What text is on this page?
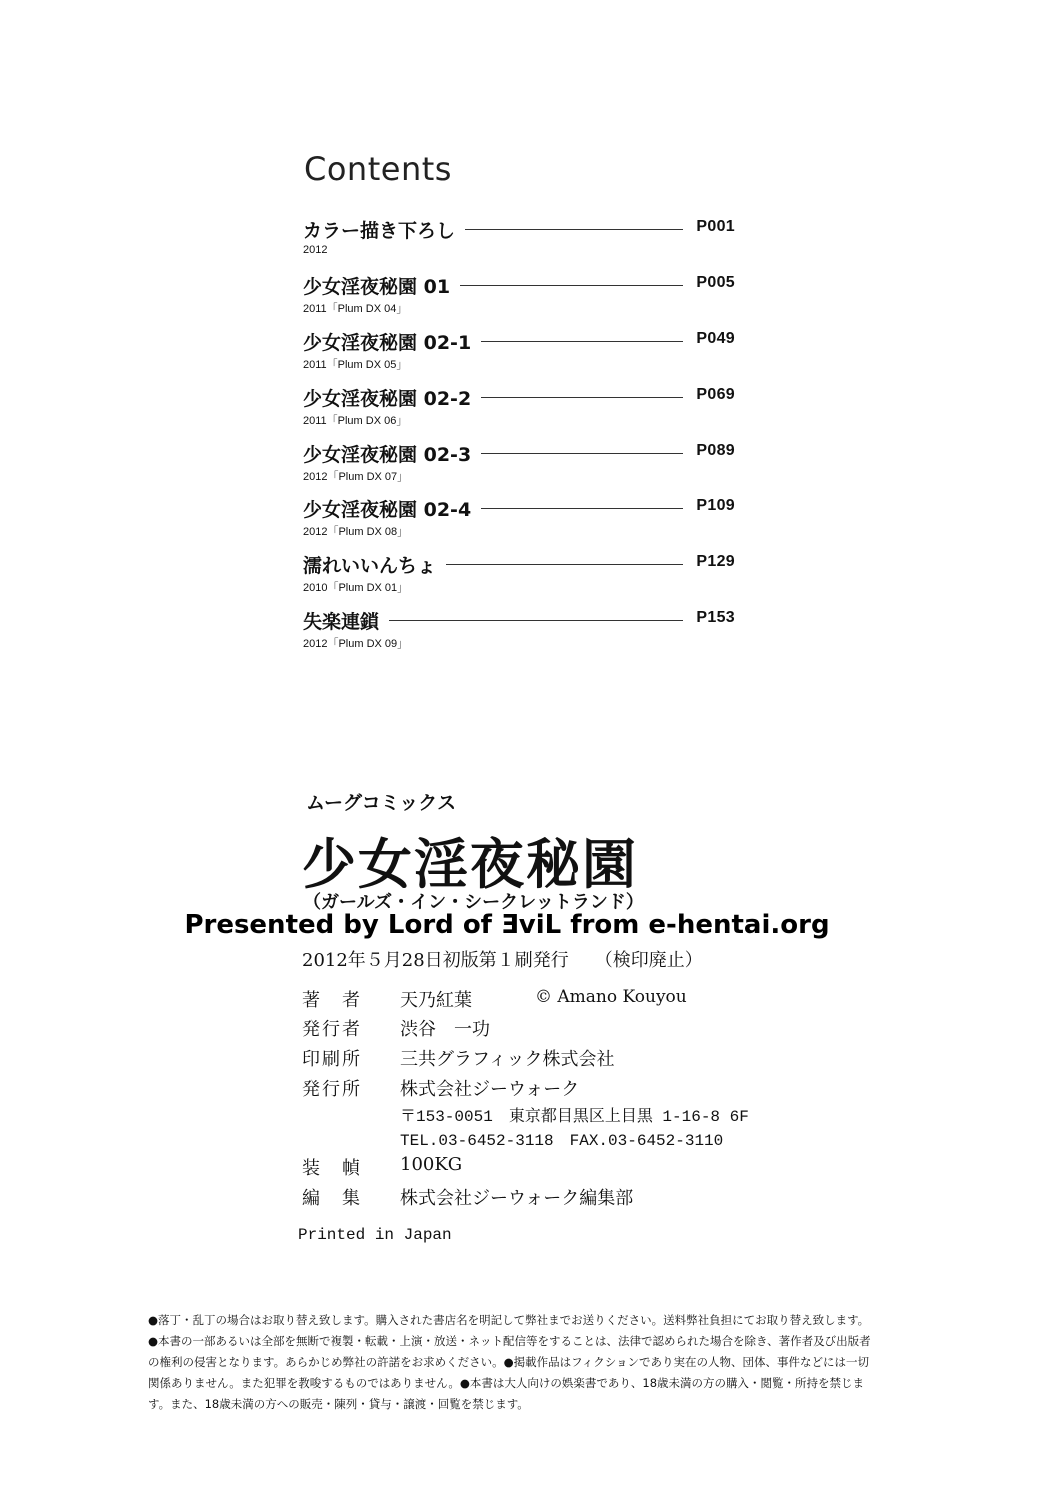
Contents
カラー描き下ろし	P001
2012
少女淫夜秘園 01	P005
2011「Plum DX 04」
少女淫夜秘園 02-1	P049
2011「Plum DX 05」
少女淫夜秘園 02-2	P069
2011「Plum DX 06」
少女淫夜秘園 02-3	P089
2012「Plum DX 07」
少女淫夜秘園 02-4	P109
2012「Plum DX 08」
濡れいいんちょ	P129
2010「Plum DX 01」
失楽連鎖	P153
2012「Plum DX 09」
ムーグコミックス
少女淫夜秘園
（ガールズ・イン・シークレットランド）
Presented by Lord of ƎviL from e-hentai.org
2012年５月28日初版第１刷発行 （検印廃止）
著　者 天乃紅葉	© Amano Kouyou
発行者 渋谷　一功
印刷所 三共グラフィック株式会社
発行所 株式会社ジーウォーク
〒153-0051　東京都目黒区上目黒 1-16-8 6F
TEL.03-6452-3118　FAX.03-6452-3110
装　幀 100KG
編　集 株式会社ジーウォーク編集部
Printed in Japan
●落丁・乱丁の場合はお取り替え致します。購入された書店名を明記して弊社までお送りください。送料弊社負担にてお取り替え致します。●本書の一部あるいは全部を無断で複製・転載・上演・放送・ネット配信等をすることは、法律で認められた場合を除き、著作者及び出版者の権利の侵害となります。あらかじめ弊社の許諾をお求めください。●掲載作品はフィクションであり実在の人物、団体、事件などには一切関係ありません。また犯罪を教唆するものではありません。●本書は大人向けの娯楽書であり、18歳未満の方の購入・閲覧・所持を禁じます。また、18歳未満の方への販売・陳列・貸与・譲渡・回覧を禁じます。
